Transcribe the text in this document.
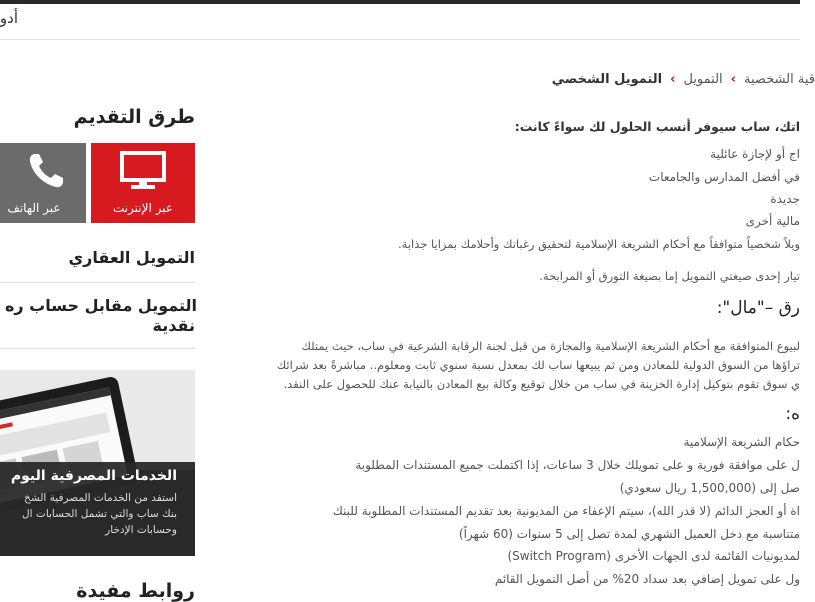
أدو
طرق التقديم
عبر الإنترنت
عبر الهاتف
التمويل العقاري
التمويل مقابل حساب ره
نقدية
الخدمات المصرفية اليوم
استفد من الخدمات المصرفية الشخ
بنك ساب والتي تشمل الحسابات ال
وحسابات الإدخار
روابط مفيدة
قية الشخصية›التمويل›التمويل الشخصي
اتك، ساب سيوفر أنسب الحلول لك سواءً كانت:
اج أو لإجازة عائلية
في أفضل المدارس والجامعات
جديدة
مالية أخرى
ويلاً شخصياً متوافقاً مع أحكام الشريعة الإسلامية لتحقيق رغباتك وأحلامك بمزايا جذابة.
تيار إحدى صيغتي التمويل إما بصيغة التورق أو المرابحة.
رق –"مال":
لبيوع المتوافقة مع أحكام الشريعة الإسلامية والمجازة من قبل لجنة الرقابة الشرعية في ساب، حيث يمتلك
تراؤها من السوق الدولية للمعادن ومن ثم يبيعها ساب لك بمعدل نسبة سنوي ثابت ومعلوم.. مباشرةً بعد شرائك
ي سوق تقوم بتوكيل إدارة الخزينة في ساب من خلال توقيع وكالة بيع المعادن بالنيابة عنك للحصول على النقد.
ه:
حكام الشريعة الإسلامية
ل على موافقة فورية و على تمويلك خلال 3 ساعات، إذا اكتملت جميع المستندات المطلوبة
صل إلى (1,500,000 ريال سعودي)
اة أو العجز الدائم (لا قدر الله)، سيتم الإعفاء من المديونية بعد تقديم المستندات المطلوبة للبنك
متناسبة مع دخل العميل الشهري لمدة تصل إلى 5 سنوات (60 شهراً)
لمديونيات القائمة لدى الجهات الأخرى (Switch Program)
ول على تمويل إضافي بعد سداد 20% من أصل التمويل القائم
